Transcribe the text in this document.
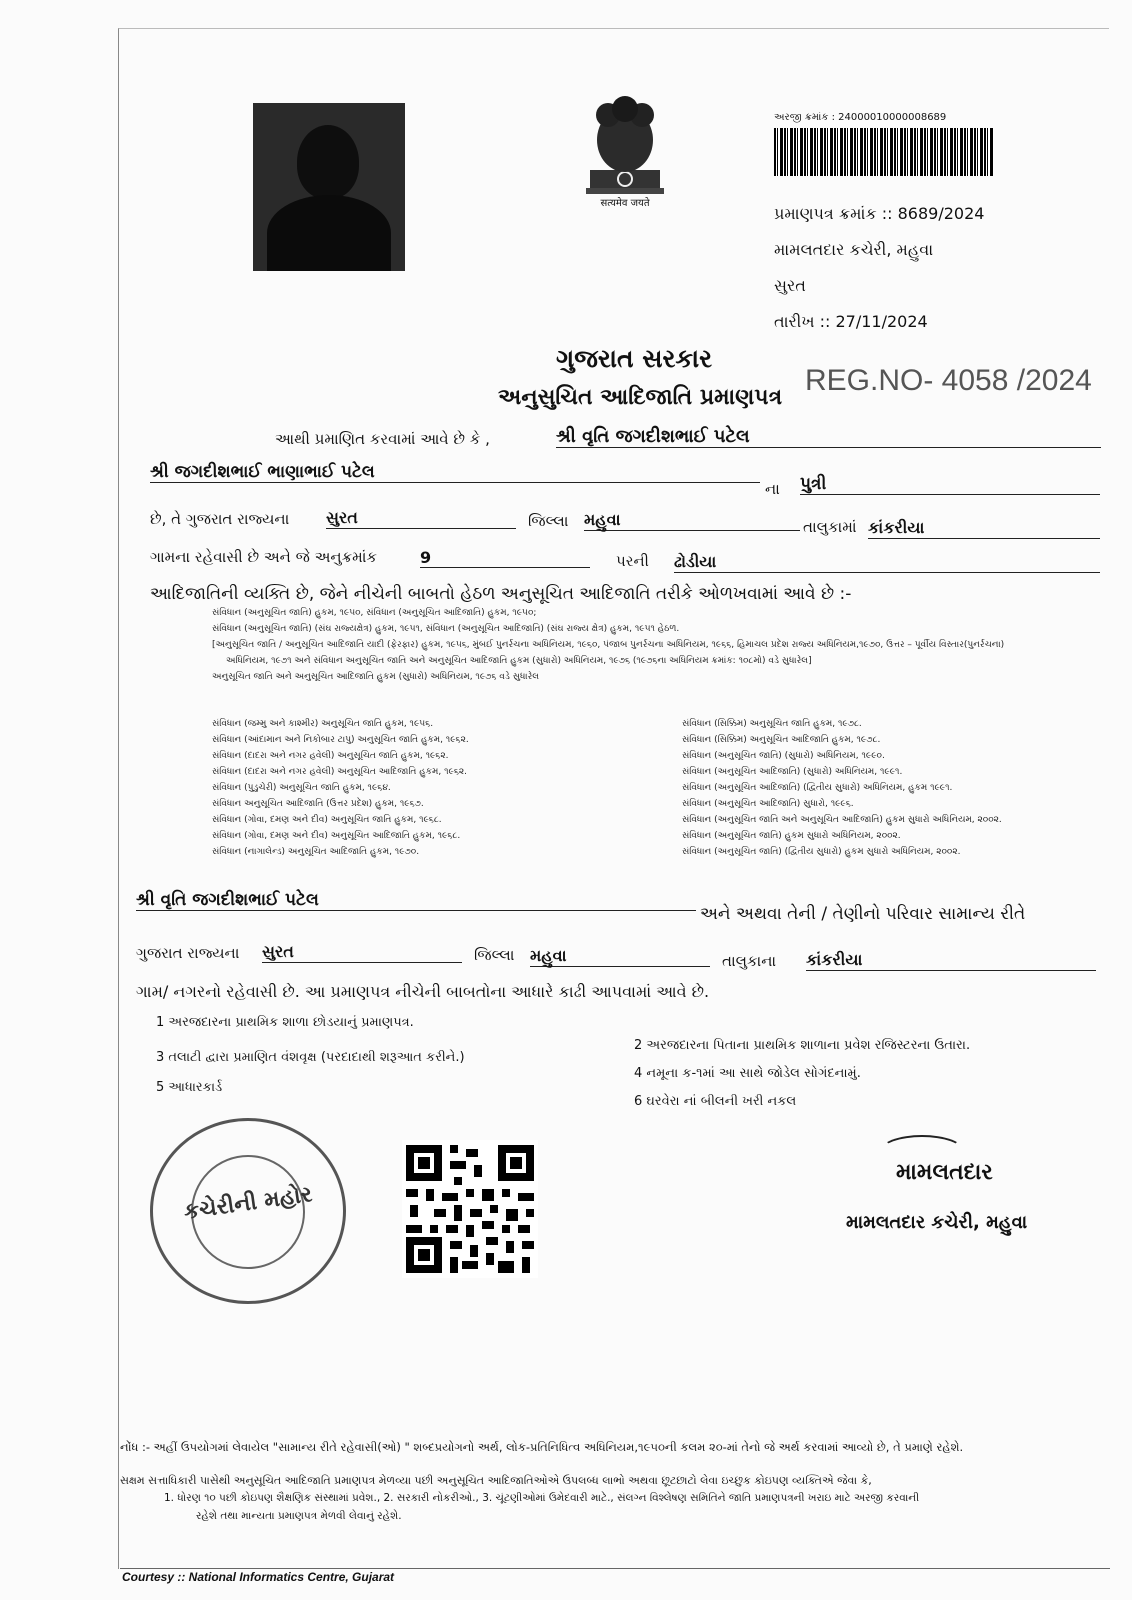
सत्यमेव जयते
અરજી ક્રમાંક : 24000010000008689
પ્રમાણપત્ર ક્રમાંક :: 8689/2024
મામલતદાર કચેરી, મહુવા
સુરત
તારીખ :: 27/11/2024
REG.NO- 4058 /2024
ગુજરાત સરકાર
અનુસુચિત આદિજાતિ પ્રમાણપત્ર
આથી પ્રમાણિત કરવામાં આવે છે કે ,	શ્રી વૃતિ જગદીશભાઈ પટેલ
શ્રી જગદીશભાઈ ભાણાભાઈ પટેલ
ના પુત્રી
છે, તે ગુજરાત રાજ્યના સુરત	જિલ્લા મહુવા	તાલુકામાં કાંકરીયા
ગામના રહેવાસી છે અને જે અનુક્રમાંક	9	પરની ઢોડીયા
આદિજાતિની વ્યક્તિ છે, જેને નીચેની બાબતો હેઠળ અનુસૂચિત આદિજાતિ તરીકે ઓળખવામાં આવે છે :-
સંવિધાન (અનુસૂચિત જાતિ) હુકમ, ૧૯૫૦, સંવિધાન (અનુસૂચિત આદિજાતિ) હુકમ, ૧૯૫૦;
સંવિધાન (અનુસૂચિત જાતિ) (સંઘ રાજ્યક્ષેત્ર) હુકમ, ૧૯૫૧, સંવિધાન (અનુસૂચિત આદિજાતિ) (સંઘ રાજ્ય ક્ષેત્ર) હુકમ, ૧૯૫૧ હેઠળ.
[અનુસૂચિત જાતિ / અનુસૂચિત આદિજાતિ યાદી (ફેરફાર) હુકમ, ૧૯૫૬, મુંબઈ પુનર્રચના અધિનિયમ, ૧૯૬૦, પંજાબ પુનર્રચના અધિનિયમ, ૧૯૬૬, હિમાચલ પ્રદેશ રાજ્ય અધિનિયમ,૧૯૭૦, ઉત્તર – પૂર્વીય વિસ્તાર(પુનર્રચના)
અધિનિયમ, ૧૯૭૧ અને સંવિધાન અનુસૂચિત જાતિ અને અનુસૂચિત આદિજાતિ હુકમ (સુધારો) અધિનિયમ, ૧૯૭૬ (૧૯૭૬ના અધિનિયમ ક્રમાંક: ૧૦૮મો) વડે સુધારેલ]
અનુસૂચિત જાતિ અને અનુસૂચિત આદિજાતિ હુકમ (સુધારો) અધિનિયમ, ૧૯૭૬ વડે સુધારેલ
સંવિધાન (જમ્મુ અને કાશ્મીર) અનુસૂચિત જાતિ હુકમ, ૧૯૫૬.
સંવિધાન (આંદામાન અને નિકોબાર ટાપુ) અનુસૂચિત જાતિ હુકમ, ૧૯૬૨.
સંવિધાન (દાદરા અને નગર હવેલી) અનુસૂચિત જાતિ હુકમ, ૧૯૬૨.
સંવિધાન (દાદરા અને નગર હવેલી) અનુસૂચિત આદિજાતિ હુકમ, ૧૯૬૨.
સંવિધાન (પુડુચેરી) અનુસૂચિત જાતિ હુકમ, ૧૯૬૪.
સંવિધાન અનુસૂચિત આદિજાતિ (ઉત્તર પ્રદેશ) હુકમ, ૧૯૬૭.
સંવિધાન (ગોવા, દમણ અને દીવ) અનુસૂચિત જાતિ હુકમ, ૧૯૬૮.
સંવિધાન (ગોવા, દમણ અને દીવ) અનુસૂચિત આદિજાતિ હુકમ, ૧૯૬૮.
સંવિધાન (નાગાલેન્ડ) અનુસૂચિત આદિજાતિ હુકમ, ૧૯૭૦.
સંવિધાન (સિક્કિમ) અનુસૂચિત જાતિ હુકમ, ૧૯૭૮.
સંવિધાન (સિક્કિમ) અનુસૂચિત આદિજાતિ હુકમ, ૧૯૭૮.
સંવિધાન (અનુસૂચિત જાતિ) (સુધારો) અધિનિયમ, ૧૯૯૦.
સંવિધાન (અનુસૂચિત આદિજાતિ) (સુધારો) અધિનિયમ, ૧૯૯૧.
સંવિધાન (અનુસૂચિત આદિજાતિ) (દ્વિતીય સુધારો) અધિનિયમ, હુકમ ૧૯૯૧.
સંવિધાન (અનુસૂચિત આદિજાતિ) સુધારો, ૧૯૯૬.
સંવિધાન (અનુસૂચિત જાતિ અને અનુસૂચિત આદિજાતિ) હુકમ સુધારો અધિનિયમ, ૨૦૦૨.
સંવિધાન (અનુસૂચિત જાતિ) હુકમ સુધારો અધિનિયમ, ૨૦૦૨.
સંવિધાન (અનુસૂચિત જાતિ) (દ્વિતીય સુધારો) હુકમ સુધારો અધિનિયમ, ૨૦૦૨.
શ્રી વૃતિ જગદીશભાઈ પટેલ
અને અથવા તેની / તેણીનો પરિવાર સામાન્ય રીતે
ગુજરાત રાજ્યના સુરત	જિલ્લા મહુવા	તાલુકાના કાંકરીયા
ગામ/ નગરનો રહેવાસી છે. આ પ્રમાણપત્ર નીચેની બાબતોના આધારે કાઢી આપવામાં આવે છે.
1 અરજદારના પ્રાથમિક શાળા છોડયાનું પ્રમાણપત્ર.
2 અરજદારના પિતાના પ્રાથમિક શાળાના પ્રવેશ રજિસ્ટરના ઉતારા.
3 તલાટી દ્વારા પ્રમાણિત વંશવૃક્ષ (પરદાદાથી શરૂઆત કરીને.)
4 નમૂના ક-૧માં આ સાથે જોડેલ સોગંદનામું.
5 આધારકાર્ડ
6 ઘરવેરા નાં બીલની ખરી નકલ
કચેરીની મહોર
મામલતદાર
મામલતદાર કચેરી, મહુવા
નોંધ :- અહીં ઉપયોગમાં લેવાયેલ "સામાન્ય રીતે રહેવાસી(ઓ) " શબ્દપ્રયોગનો અર્થ, લોક-પ્રતિનિધિત્વ અધિનિયમ,૧૯૫૦ની કલમ ૨૦-માં તેનો જે અર્થ કરવામાં આવ્યો છે, તે પ્રમાણે રહેશે.
સક્ષમ સત્તાધિકારી પાસેથી અનુસૂચિત આદિજાતિ પ્રમાણપત્ર મેળવ્યા પછી અનુસૂચિત આદિજાતિઓએ ઉપલબ્ધ લાભો અથવા છૂટછાટો લેવા ઇચ્છુક કોઇપણ વ્યક્તિએ જેવા કે,
1. ધોરણ ૧૦ પછી કોઇપણ શૈક્ષણિક સંસ્થામાં પ્રવેશ., 2. સરકારી નોકરીઓ., 3. ચૂંટણીઓમાં ઉમેદવારી માટે., સંલગ્ન વિશ્લેષણ સમિતિને જાતિ પ્રમાણપત્રની ખરાઇ માટે અરજી કરવાની
રહેશે તથા માન્યતા પ્રમાણપત્ર મેળવી લેવાનું રહેશે.
Courtesy :: National Informatics Centre, Gujarat
